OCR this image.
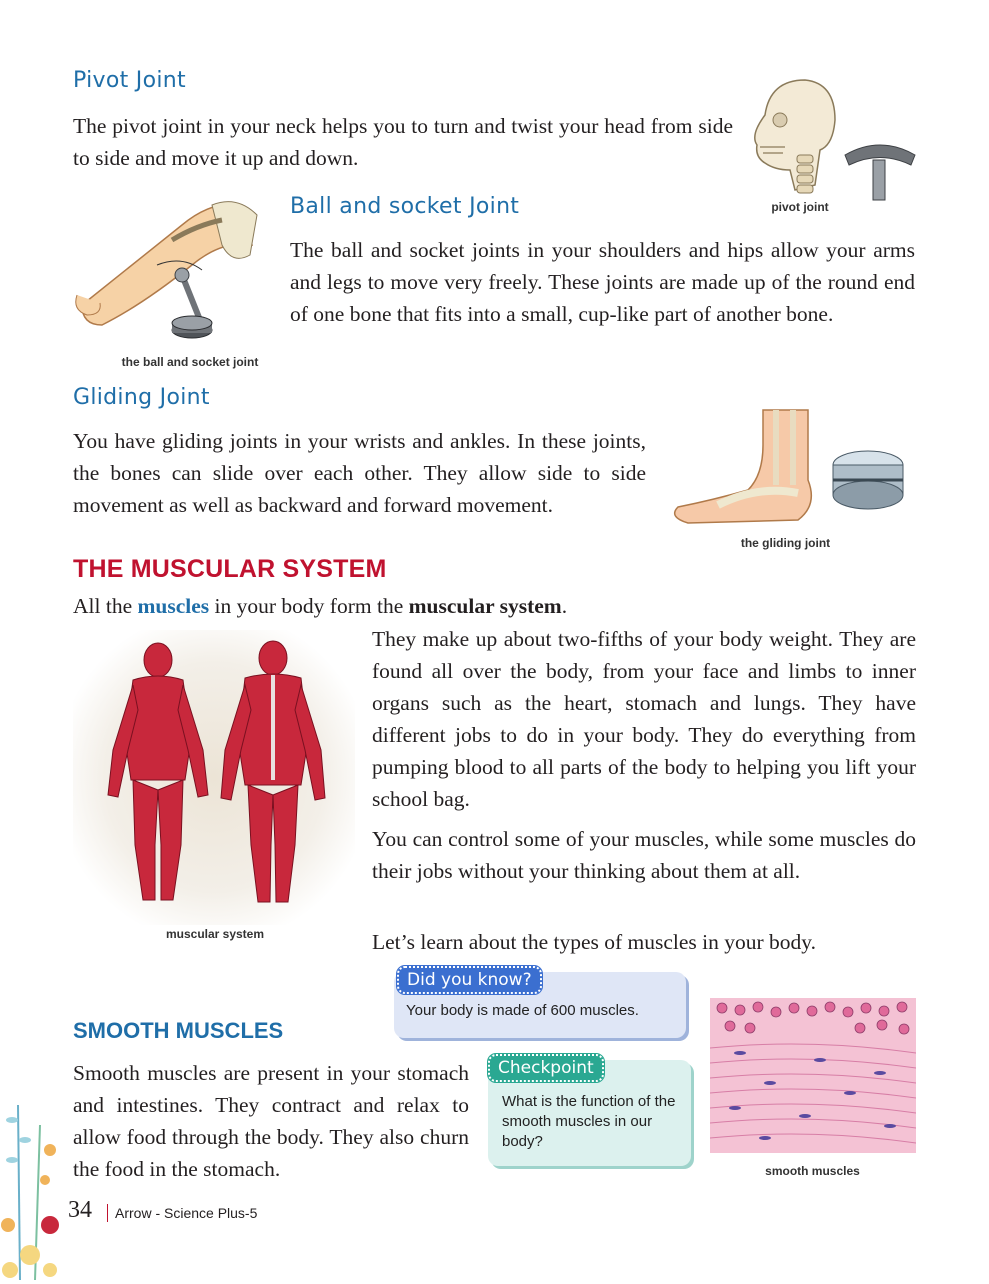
Pivot Joint
The pivot joint in your neck helps you to turn and twist your head from side to side and move it up and down.
pivot joint
the ball and socket joint
Ball and socket Joint
The ball and socket joints in your shoulders and hips allow your arms and legs to move very freely. These joints are made up of the round end of one bone that fits into a small, cup-like part of another bone.
Gliding Joint
You have gliding joints in your wrists and ankles. In these joints, the bones can slide over each other. They allow side to side movement as well as backward and forward movement.
the gliding joint
THE MUSCULAR SYSTEM
All the muscles in your body form the muscular system.
muscular system
They make up about two-fifths of your body weight. They are found all over the body, from your face and limbs to inner organs such as the heart, stomach and lungs. They have different jobs to do in your body. They do everything from pumping blood to all parts of the body to helping you lift your school bag.
You can control some of your muscles, while some muscles do their jobs without your thinking about them at all.
Let’s learn about the types of muscles in your body.
Your body is made of 600 muscles.
Did you know?
SMOOTH MUSCLES
Smooth muscles are present in your stomach and intestines. They contract and relax to allow food through the body. They also churn the food in the stomach.
What is the function of the smooth muscles in our body?
Checkpoint
smooth muscles
34 Arrow - Science Plus-5
